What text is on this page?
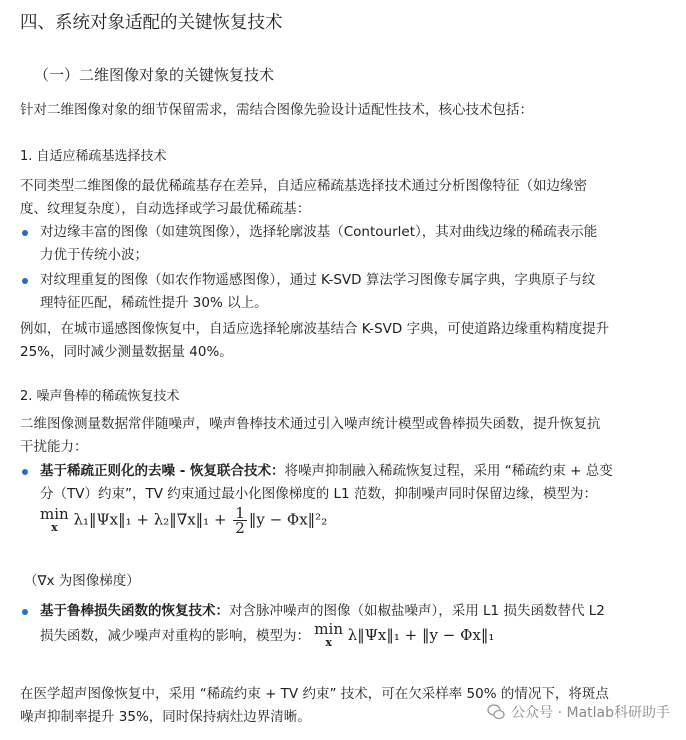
四、系统对象适配的关键恢复技术
（一）二维图像对象的关键恢复技术
针对二维图像对象的细节保留需求，需结合图像先验设计适配性技术，核心技术包括：
1. 自适应稀疏基选择技术
不同类型二维图像的最优稀疏基存在差异，自适应稀疏基选择技术通过分析图像特征（如边缘密
度、纹理复杂度），自动选择或学习最优稀疏基：
对边缘丰富的图像（如建筑图像），选择轮廓波基（Contourlet），其对曲线边缘的稀疏表示能
力优于传统小波；
对纹理重复的图像（如农作物遥感图像），通过 K-SVD 算法学习图像专属字典，字典原子与纹
理特征匹配，稀疏性提升 30% 以上。
例如，在城市遥感图像恢复中，自适应选择轮廓波基结合 K-SVD 字典，可使道路边缘重构精度提升
25%，同时减少测量数据量 40%。
2. 噪声鲁棒的稀疏恢复技术
二维图像测量数据常伴随噪声，噪声鲁棒技术通过引入噪声统计模型或鲁棒损失函数，提升恢复抗
干扰能力：
基于稀疏正则化的去噪 - 恢复联合技术：将噪声抑制融入稀疏恢复过程，采用 “稀疏约束 + 总变
分（TV）约束”，TV 约束通过最小化图像梯度的 L1 范数，抑制噪声同时保留边缘，模型为：
min
x	λ₁‖Ψx‖₁ + λ₂‖∇x‖₁ + $\frac{1}{2}$ ‖y − Φx‖²₂
（∇x 为图像梯度）
基于鲁棒损失函数的恢复技术：对含脉冲噪声的图像（如椒盐噪声），采用 L1 损失函数替代 L2
损失函数，减少噪声对重构的影响，模型为： min
x	λ‖Ψx‖₁ + ‖y − Φx‖₁
在医学超声图像恢复中，采用 “稀疏约束 + TV 约束” 技术，可在欠采样率 50% 的情况下，将斑点
噪声抑制率提升 35%，同时保持病灶边界清晰。	公众号 · Matlab科研助手
